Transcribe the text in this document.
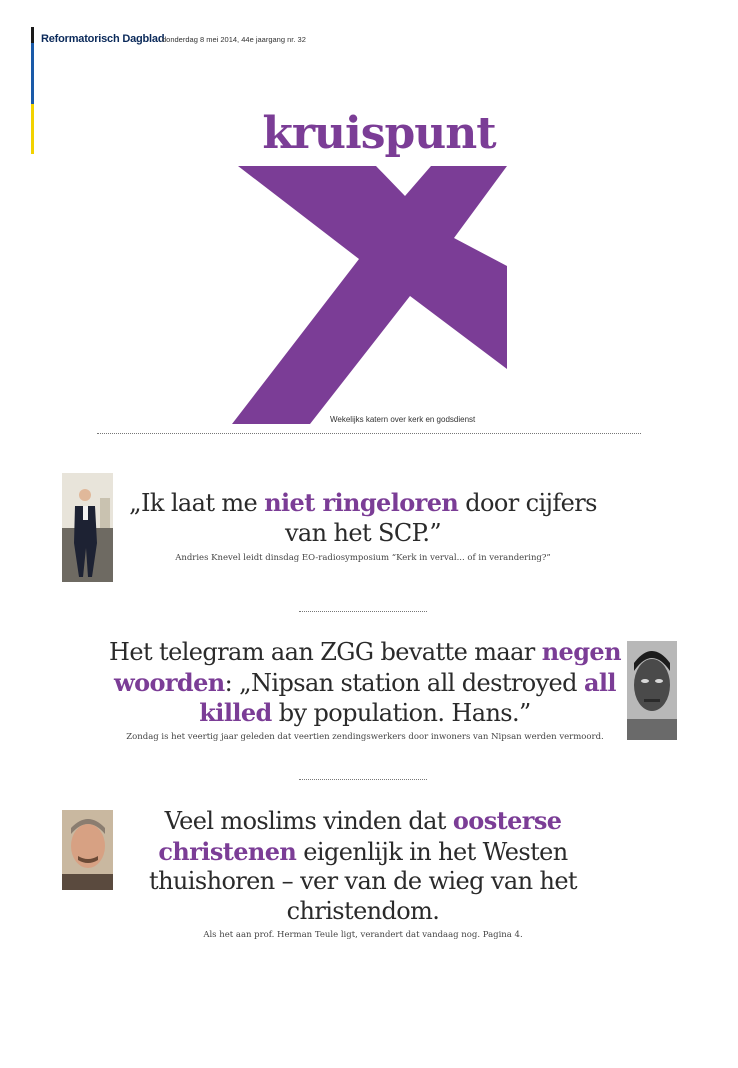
Reformatorisch Dagblad
donderdag 8 mei 2014, 44e jaargang nr. 32
kruispunt
Wekelijks katern over kerk en godsdienst
„Ik laat me niet ringeloren door cijfers van het SCP.”
Andries Knevel leidt dinsdag EO-radiosymposium “Kerk in verval... of in verandering?”
Het telegram aan ZGG bevatte maar negen woorden: „Nipsan station all destroyed all killed by population. Hans.”
Zondag is het veertig jaar geleden dat veertien zendingswerkers door inwoners van Nipsan werden vermoord.
Veel moslims vinden dat oosterse christenen eigenlijk in het Westen thuishoren – ver van de wieg van het christendom.
Als het aan prof. Herman Teule ligt, verandert dat vandaag nog. Pagina 4.
